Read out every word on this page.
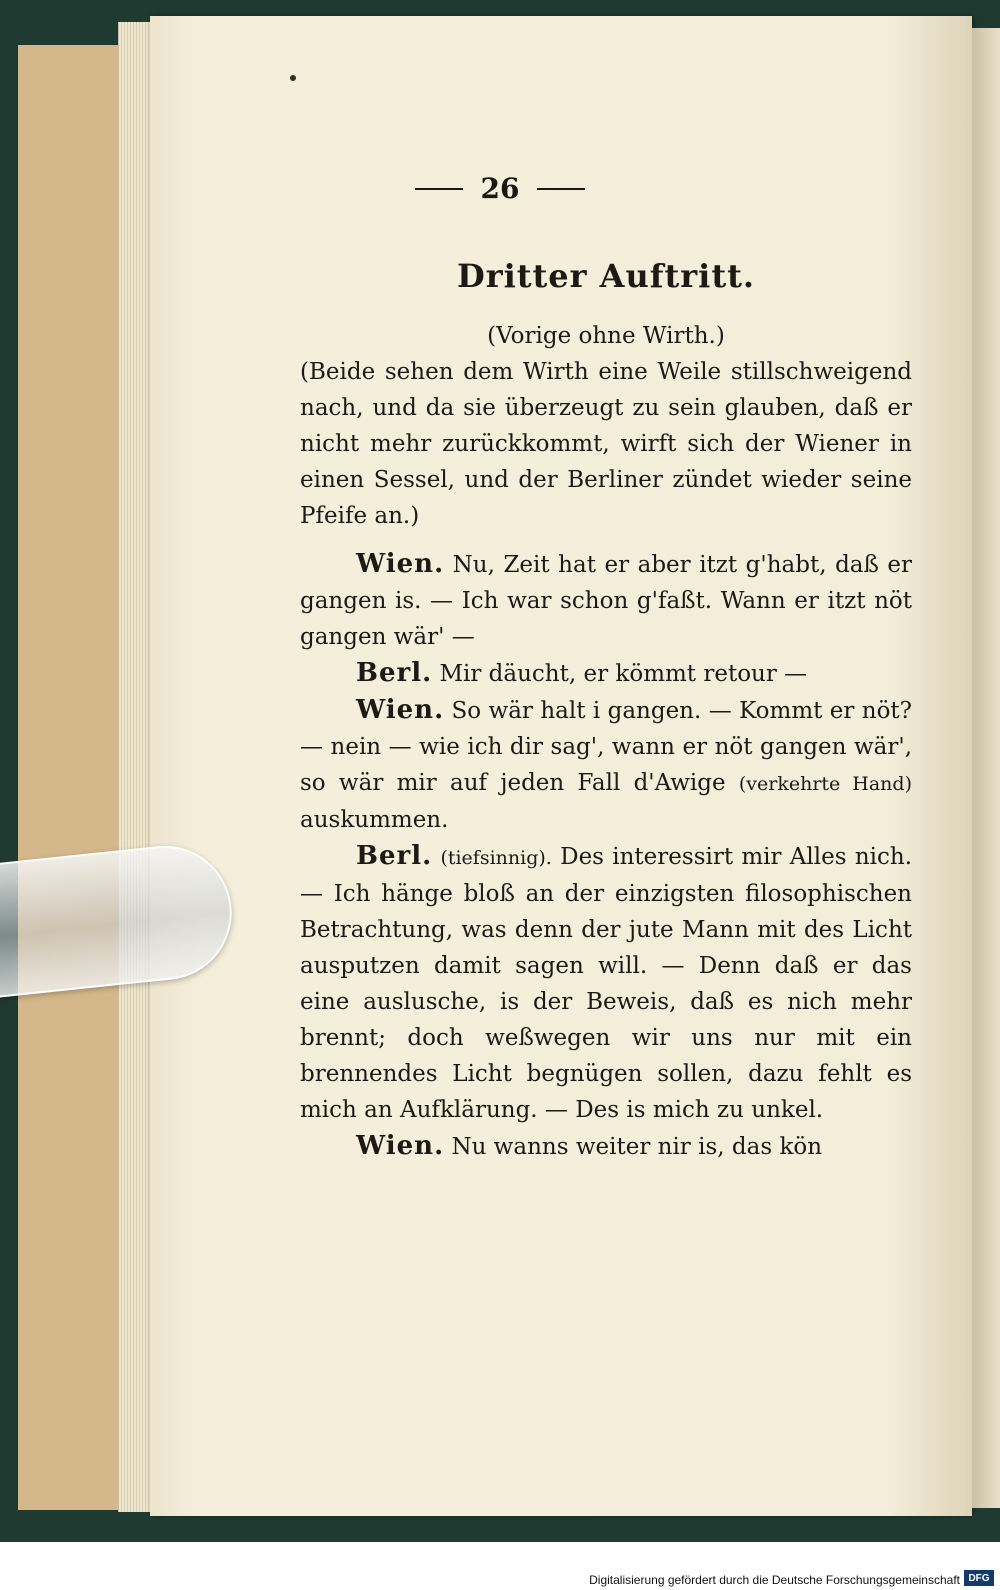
26

Dritter Auftritt.

(Vorige ohne Wirth.)

(Beide sehen dem Wirth eine Weile stillschweigend nach, und da sie überzeugt zu sein glauben, daß er nicht mehr zurückkommt, wirft sich der Wiener in einen Sessel, und der Berliner zündet wieder seine Pfeife an.)

Wien. Nu, Zeit hat er aber itzt g'habt, daß er gangen is. — Ich war schon g'faßt. Wann er itzt nöt gangen wär' —

Berl. Mir däucht, er kömmt retour —

Wien. So wär halt i gangen. — Kommt er nöt? — nein — wie ich dir sag', wann er nöt gangen wär', so wär mir auf jeden Fall d'Awige (verkehrte Hand) auskummen.

Berl. (tiefsinnig). Des interessirt mir Alles nich. — Ich hänge bloß an der einzigsten filosophischen Betrachtung, was denn der jute Mann mit des Licht ausputzen damit sagen will. — Denn daß er das eine auslusche, is der Beweis, daß es nich mehr brennt; doch weßwegen wir uns nur mit ein brennendes Licht begnügen sollen, dazu fehlt es mich an Aufklärung. — Des is mich zu unkel.

Wien. Nu wanns weiter nir is, das kön

Digitalisierung gefördert durch die Deutsche Forschungsgemeinschaft DFG
